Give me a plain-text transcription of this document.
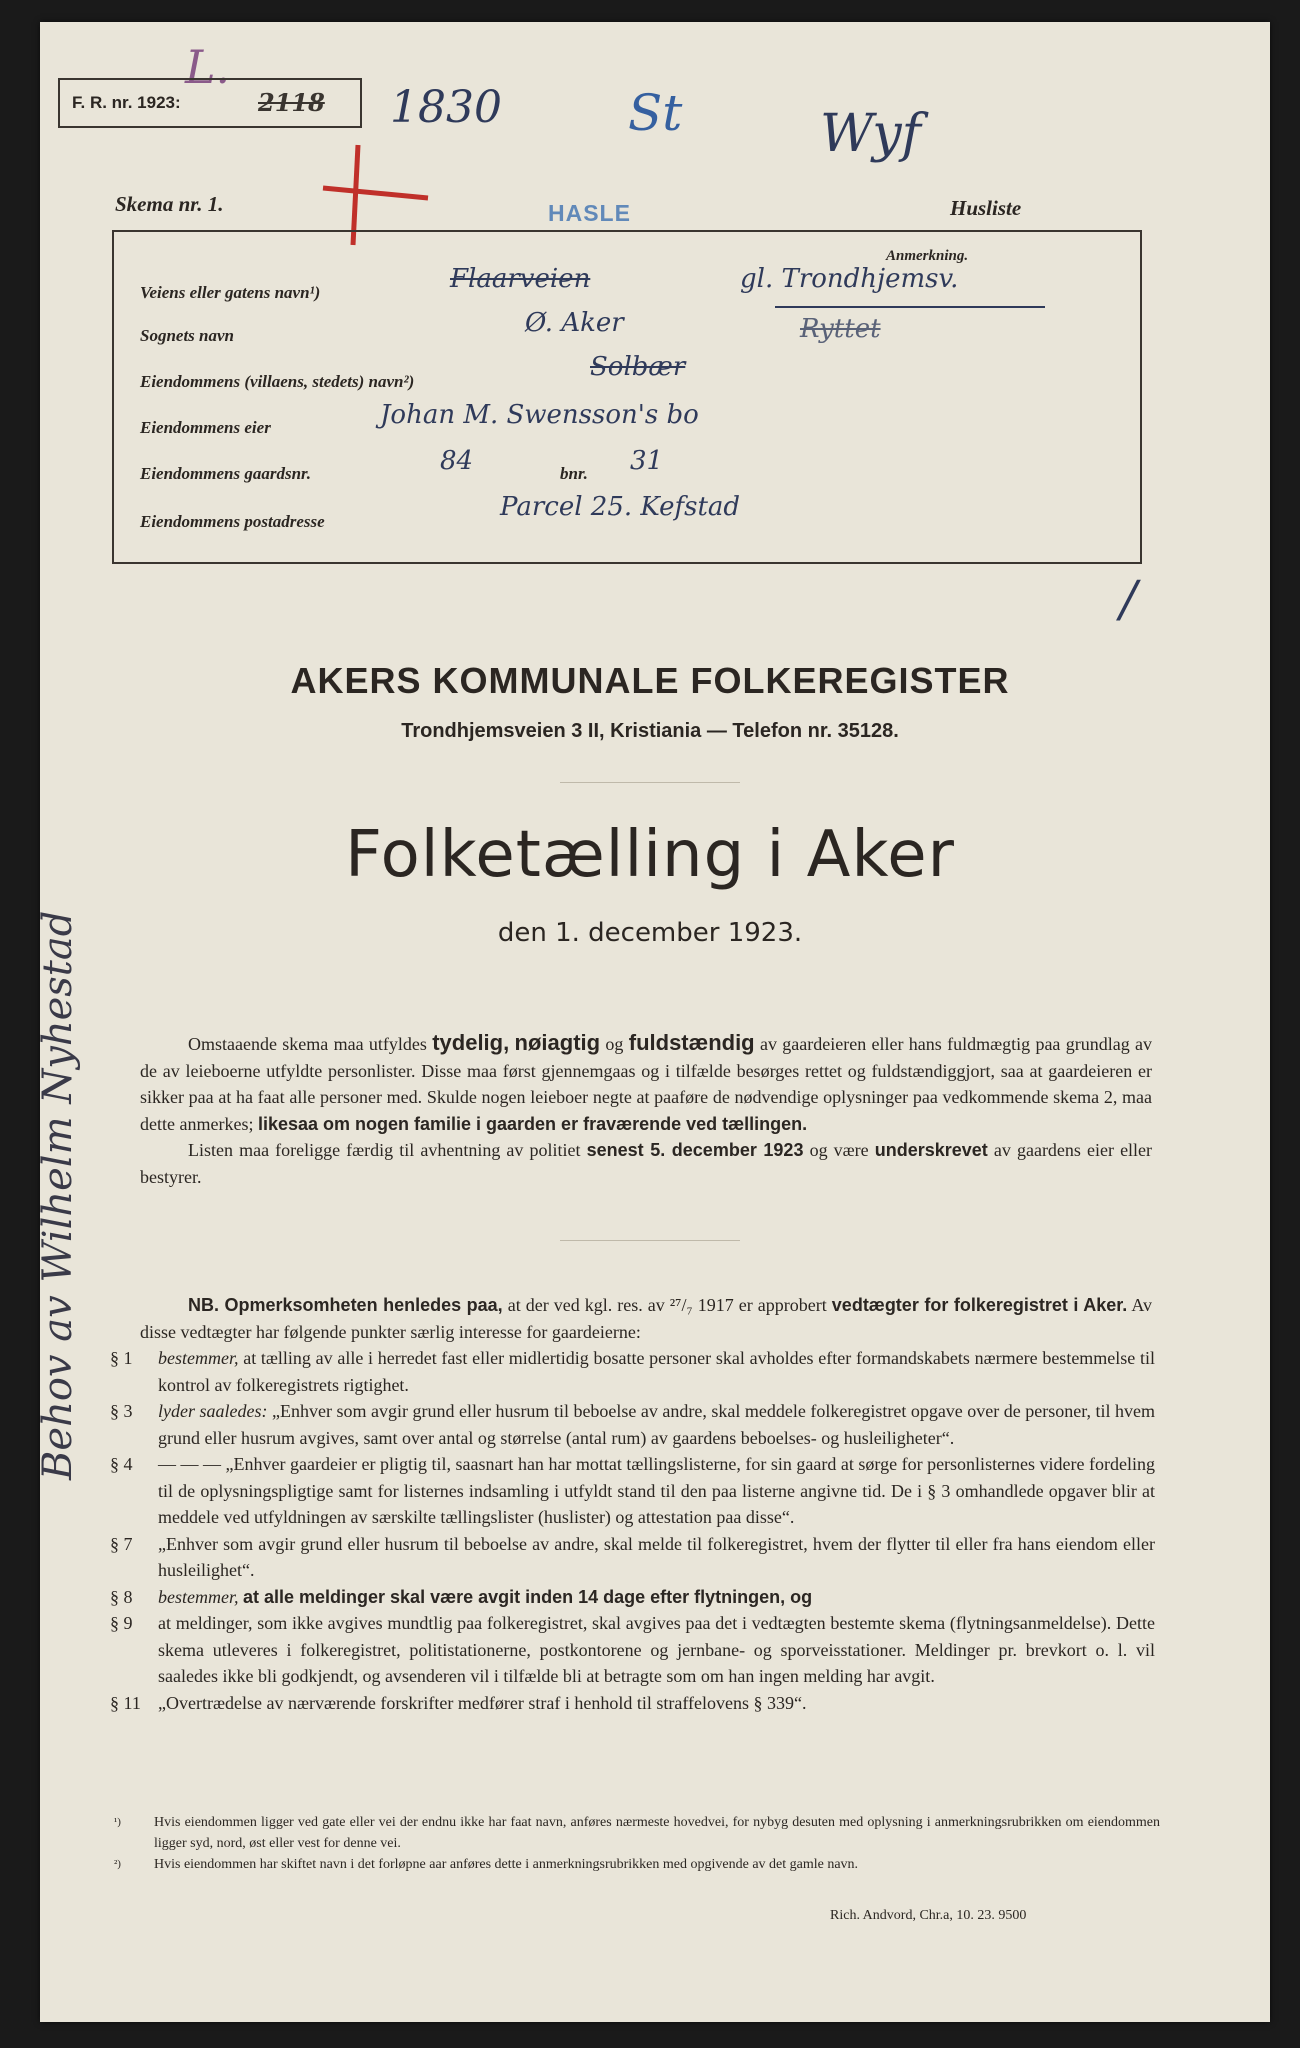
L.
F. R. nr. 1923:	2118 1830	St	Wyf
Skema nr. 1.	HASLE	Husliste
Anmerkning.
Veiens eller gatens navn¹)	Flaarveien	gl. Trondhjemsv.
Sognets navn	Ø. Aker	Ryttet
Eiendommens (villaens, stedets) navn²)	Solbær
Eiendommens eier	Johan M. Swensson's bo
Eiendommens gaardsnr.	84	bnr. 31
Eiendommens postadresse	Parcel 25. Kefstad
/
AKERS KOMMUNALE FOLKEREGISTER
Trondhjemsveien 3 II, Kristiania — Telefon nr. 35128.
Folketælling i Aker
den 1. december 1923.

Omstaaende skema maa utfyldes tydelig, nøiagtig og fuldstændig av gaardeieren eller hans fuldmægtig paa grundlag av de av leieboerne utfyldte personlister. Disse maa først gjennemgaas og i tilfælde besørges rettet og fuldstændiggjort, saa at gaardeieren er sikker paa at ha faat alle personer med. Skulde nogen leieboer negte at paaføre de nødvendige oplysninger paa vedkommende skema 2, maa dette anmerkes; likesaa om nogen familie i gaarden er fraværende ved tællingen.

Listen maa foreligge færdig til avhentning av politiet senest 5. december 1923 og være underskrevet av gaardens eier eller bestyrer.

NB. Opmerksomheten henledes paa, at der ved kgl. res. av ²⁷/₇ 1917 er approbert vedtægter for folkeregistret i Aker. Av disse vedtægter har følgende punkter særlig interesse for gaardeierne:

§ 1 bestemmer, at tælling av alle i herredet fast eller midlertidig bosatte personer skal avholdes efter formandskabets nærmere bestemmelse til kontrol av folkeregistrets rigtighet.
§ 3 lyder saaledes: „Enhver som avgir grund eller husrum til beboelse av andre, skal meddele folkeregistret opgave over de personer, til hvem grund eller husrum avgives, samt over antal og størrelse (antal rum) av gaardens beboelses- og husleiligheter“.
§ 4 — — — „Enhver gaardeier er pligtig til, saasnart han har mottat tællingslisterne, for sin gaard at sørge for personlisternes videre fordeling til de oplysningspligtige samt for listernes indsamling i utfyldt stand til den paa listerne angivne tid. De i § 3 omhandlede opgaver blir at meddele ved utfyldningen av særskilte tællingslister (huslister) og attestation paa disse“.
§ 7 „Enhver som avgir grund eller husrum til beboelse av andre, skal melde til folkeregistret, hvem der flytter til eller fra hans eiendom eller husleilighet“.
§ 8 bestemmer, at alle meldinger skal være avgit inden 14 dage efter flytningen, og
§ 9 at meldinger, som ikke avgives mundtlig paa folkeregistret, skal avgives paa det i vedtægten bestemte skema (flytningsanmeldelse). Dette skema utleveres i folkeregistret, politistationerne, postkontorene og jernbane- og sporveisstationer. Meldinger pr. brevkort o. l. vil saaledes ikke bli godkjendt, og avsenderen vil i tilfælde bli at betragte som om han ingen melding har avgit.
§ 11 „Overtrædelse av nærværende forskrifter medfører straf i henhold til straffelovens § 339“.
¹) Hvis eiendommen ligger ved gate eller vei der endnu ikke har faat navn, anføres nærmeste hovedvei, for nybyg desuten med oplysning i anmerkningsrubrikken om eiendommen ligger syd, nord, øst eller vest for denne vei.
²) Hvis eiendommen har skiftet navn i det forløpne aar anføres dette i anmerkningsrubrikken med opgivende av det gamle navn.
Rich. Andvord, Chr.a, 10. 23. 9500
Behov av Wilhelm Nyhestad
